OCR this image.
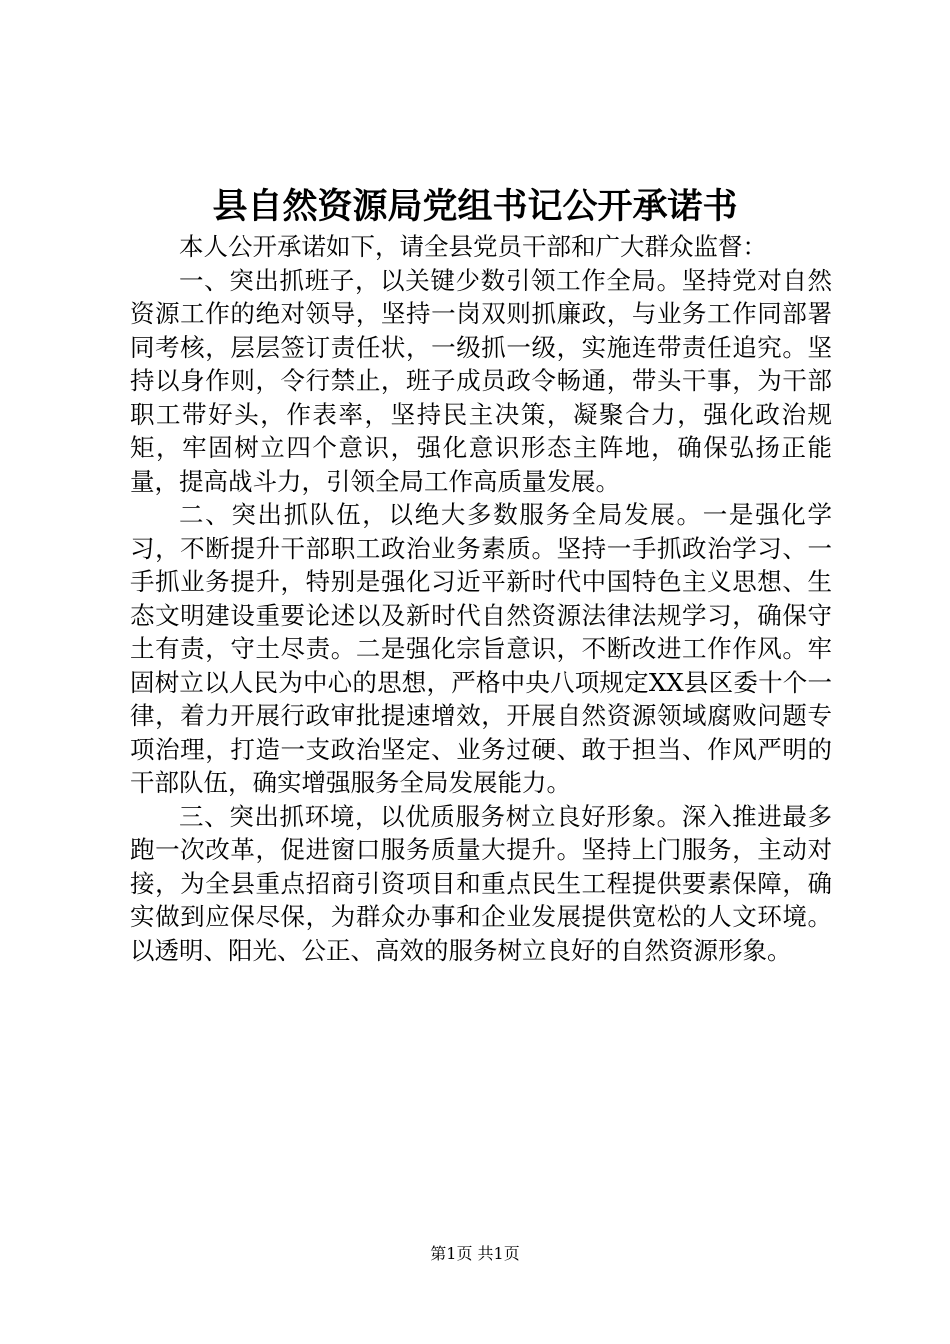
县自然资源局党组书记公开承诺书

本人公开承诺如下，请全县党员干部和广大群众监督：

一、突出抓班子，以关键少数引领工作全局。坚持党对自然资源工作的绝对领导，坚持一岗双则抓廉政，与业务工作同部署同考核，层层签订责任状，一级抓一级，实施连带责任追究。坚持以身作则，令行禁止，班子成员政令畅通，带头干事，为干部职工带好头，作表率，坚持民主决策，凝聚合力，强化政治规矩，牢固树立四个意识，强化意识形态主阵地，确保弘扬正能量，提高战斗力，引领全局工作高质量发展。

二、突出抓队伍，以绝大多数服务全局发展。一是强化学习，不断提升干部职工政治业务素质。坚持一手抓政治学习、一手抓业务提升，特别是强化习近平新时代中国特色主义思想、生态文明建设重要论述以及新时代自然资源法律法规学习，确保守土有责，守土尽责。二是强化宗旨意识，不断改进工作作风。牢固树立以人民为中心的思想，严格中央八项规定XX县区委十个一律，着力开展行政审批提速增效，开展自然资源领域腐败问题专项治理，打造一支政治坚定、业务过硬、敢于担当、作风严明的干部队伍，确实增强服务全局发展能力。

三、突出抓环境，以优质服务树立良好形象。深入推进最多跑一次改革，促进窗口服务质量大提升。坚持上门服务，主动对接，为全县重点招商引资项目和重点民生工程提供要素保障，确实做到应保尽保，为群众办事和企业发展提供宽松的人文环境。以透明、阳光、公正、高效的服务树立良好的自然资源形象。

第1页 共1页
